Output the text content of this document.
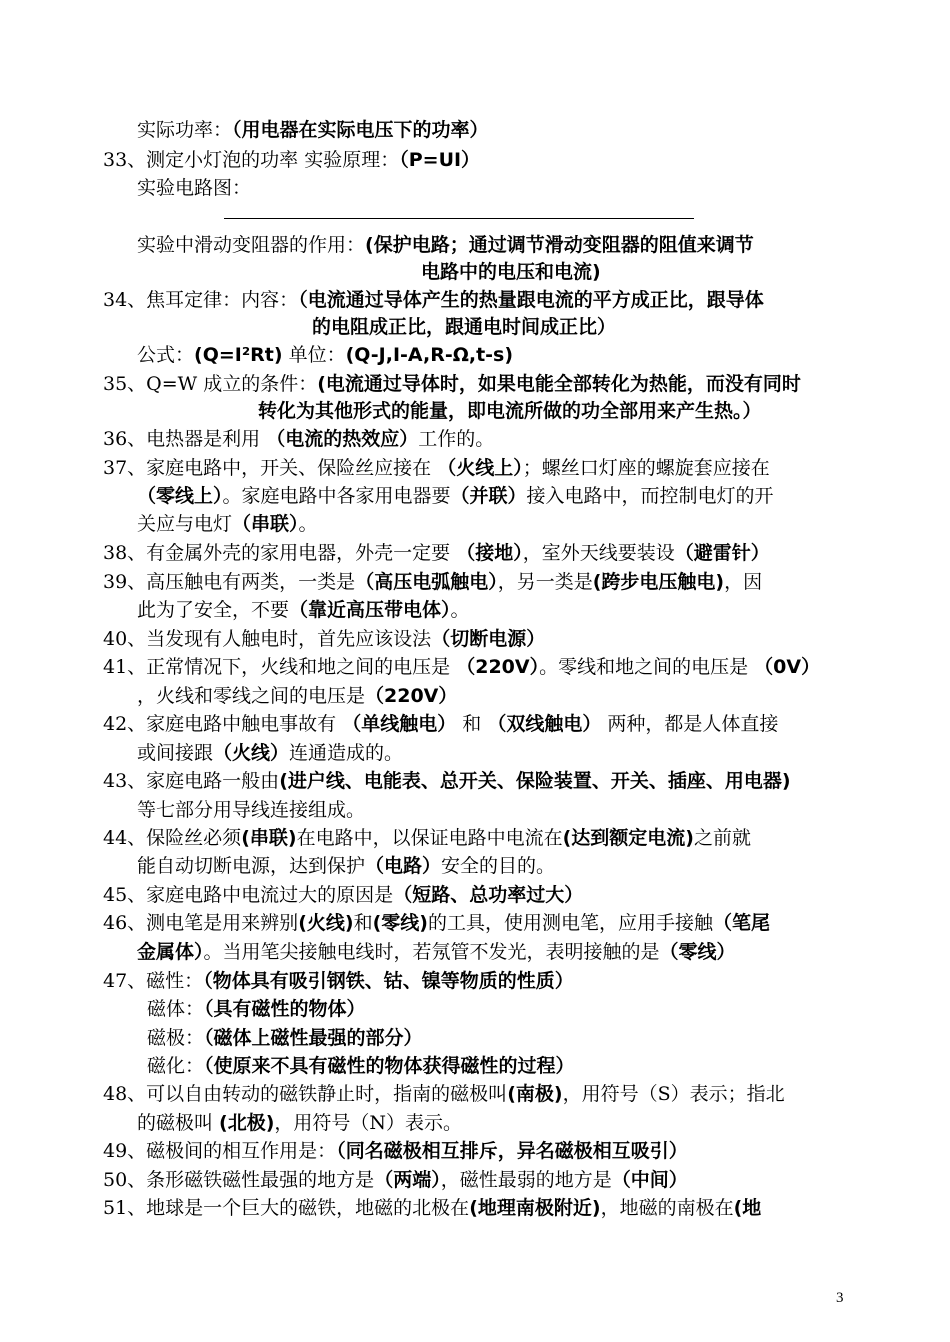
实际功率：（用电器在实际电压下的功率）
33、测定小灯泡的功率 实验原理：（P=UI）
实验电路图：
实验中滑动变阻器的作用：(保护电路；通过调节滑动变阻器的阻值来调节
电路中的电压和电流)
34、焦耳定律：内容：（电流通过导体产生的热量跟电流的平方成正比，跟导体
的电阻成正比，跟通电时间成正比）
公式：(Q=I²Rt) 单位：(Q-J,I-A,R-Ω,t-s)
35、Q=W 成立的条件：(电流通过导体时，如果电能全部转化为热能，而没有同时
转化为其他形式的能量，即电流所做的功全部用来产生热。）
36、电热器是利用 （电流的热效应）工作的。
37、家庭电路中，开关、保险丝应接在 （火线上）；螺丝口灯座的螺旋套应接在
（零线上）。家庭电路中各家用电器要（并联）接入电路中，而控制电灯的开
关应与电灯（串联）。
38、有金属外壳的家用电器，外壳一定要 （接地），室外天线要装设（避雷针）
39、高压触电有两类，一类是（高压电弧触电），另一类是(跨步电压触电)，因
此为了安全，不要（靠近高压带电体）。
40、当发现有人触电时，首先应该设法（切断电源）
41、正常情况下，火线和地之间的电压是 （220V）。零线和地之间的电压是 （0V）
，火线和零线之间的电压是（220V）
42、家庭电路中触电事故有 （单线触电） 和 （双线触电） 两种，都是人体直接
或间接跟（火线）连通造成的。
43、家庭电路一般由(进户线、电能表、总开关、保险装置、开关、插座、用电器)
等七部分用导线连接组成。
44、保险丝必须(串联)在电路中，以保证电路中电流在(达到额定电流)之前就
能自动切断电源，达到保护（电路）安全的目的。
45、家庭电路中电流过大的原因是（短路、总功率过大）
46、测电笔是用来辨别(火线)和(零线)的工具，使用测电笔，应用手接触（笔尾
金属体）。当用笔尖接触电线时，若氖管不发光，表明接触的是（零线）
47、磁性：（物体具有吸引钢铁、钴、镍等物质的性质）
磁体：（具有磁性的物体）
磁极：（磁体上磁性最强的部分）
磁化：（使原来不具有磁性的物体获得磁性的过程）
48、可以自由转动的磁铁静止时，指南的磁极叫(南极)，用符号（S）表示；指北
的磁极叫 (北极)，用符号（N）表示。
49、磁极间的相互作用是：（同名磁极相互排斥，异名磁极相互吸引）
50、条形磁铁磁性最强的地方是（两端），磁性最弱的地方是（中间）
51、地球是一个巨大的磁铁，地磁的北极在(地理南极附近)，地磁的南极在(地
3
